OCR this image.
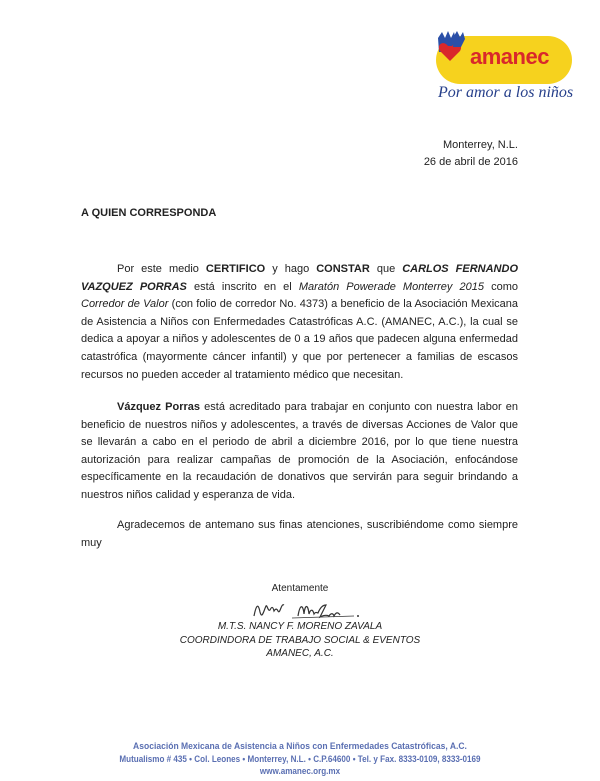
amanec
Por amor a los niños
Monterrey, N.L.
26 de abril de 2016
A QUIEN CORRESPONDA
Por este medio CERTIFICO y hago CONSTAR que CARLOS FERNANDO VAZQUEZ PORRAS está inscrito en el Maratón Powerade Monterrey 2015 como Corredor de Valor (con folio de corredor No. 4373) a beneficio de la Asociación Mexicana de Asistencia a Niños con Enfermedades Catastróficas A.C. (AMANEC, A.C.), la cual se dedica a apoyar a niños y adolescentes de 0 a 19 años que padecen alguna enfermedad catastrófica (mayormente cáncer infantil) y que por pertenecer a familias de escasos recursos no pueden acceder al tratamiento médico que necesitan.
Vázquez Porras está acreditado para trabajar en conjunto con nuestra labor en beneficio de nuestros niños y adolescentes, a través de diversas Acciones de Valor que se llevarán a cabo en el periodo de abril a diciembre 2016, por lo que tiene nuestra autorización para realizar campañas de promoción de la Asociación, enfocándose específicamente en la recaudación de donativos que servirán para seguir brindando a nuestros niños calidad y esperanza de vida.
Agradecemos de antemano sus finas atenciones, suscribiéndome como siempre muy
Atentamente
M.T.S. NANCY F. MORENO ZAVALA
COORDINDORA DE TRABAJO SOCIAL & EVENTOS
AMANEC, A.C.
Asociación Mexicana de Asistencia a Niños con Enfermedades Catastróficas, A.C.
Mutualismo # 435 • Col. Leones • Monterrey, N.L. • C.P.64600 • Tel. y Fax. 8333-0109, 8333-0169
www.amanec.org.mx
